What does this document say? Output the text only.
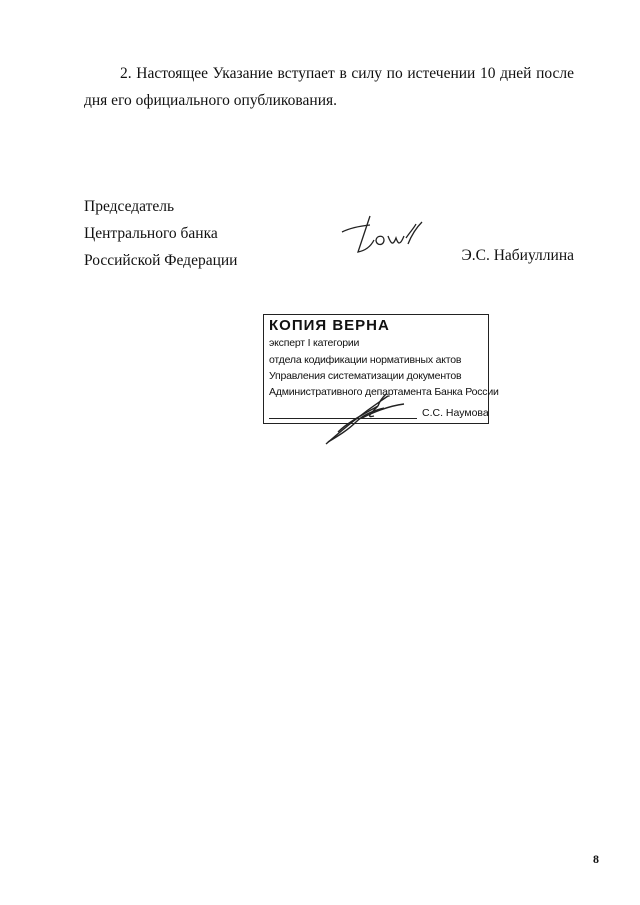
2. Настоящее Указание вступает в силу по истечении 10 дней после
дня его официального опубликования.
Председатель
Центрального банка
Российской Федерации	Э.С. Набиуллина
КОПИЯ ВЕРНА
эксперт I категории
отдела кодификации нормативных актов
Управления систематизации документов
Административного департамента Банка России
С.С. Наумова
8
